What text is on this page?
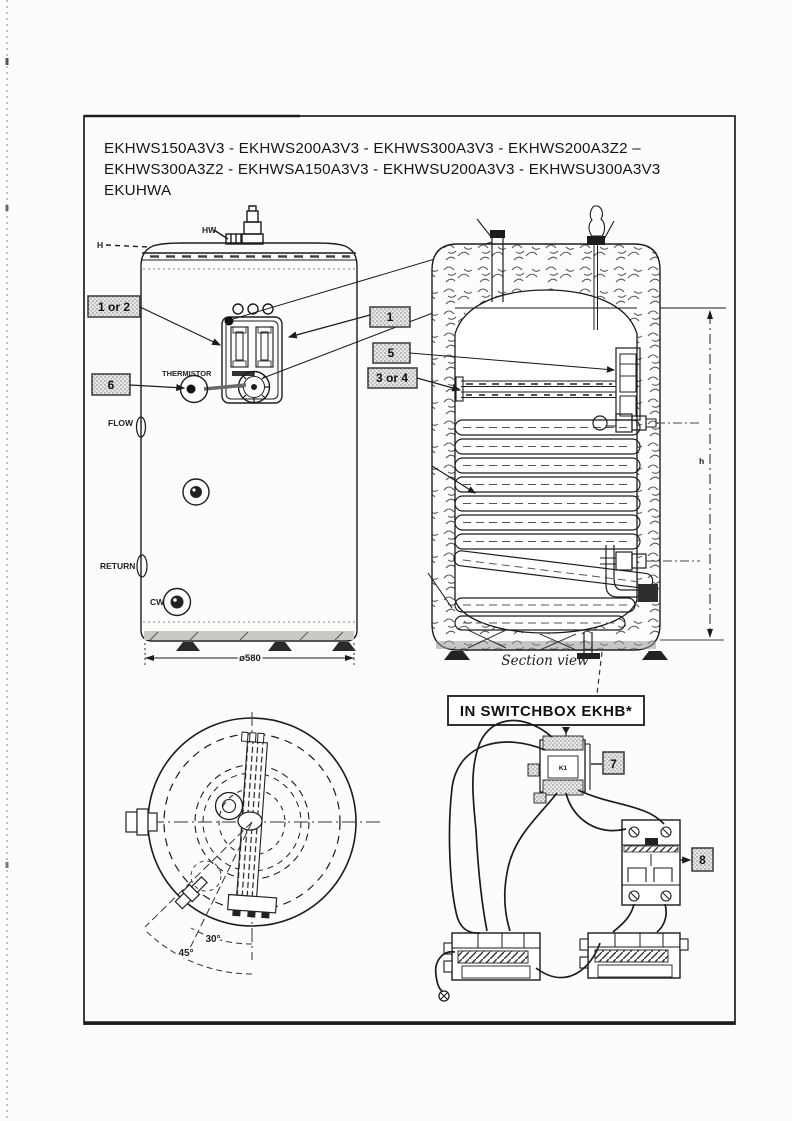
EKHWS150A3V3 - EKHWS200A3V3 - EKHWS300A3V3 - EKHWS200A3Z2 –
EKHWS300A3Z2 - EKHWSA150A3V3 - EKHWSU200A3V3 - EKHWSU300A3V3
EKUHWA
HW
H
THERMISTOR
FLOW
RETURN
CW
1 or 2
6
ø580
h
1
5
3 or 4
Section view
30°
45°
IN SWITCHBOX EKHB*
K1	7
8
